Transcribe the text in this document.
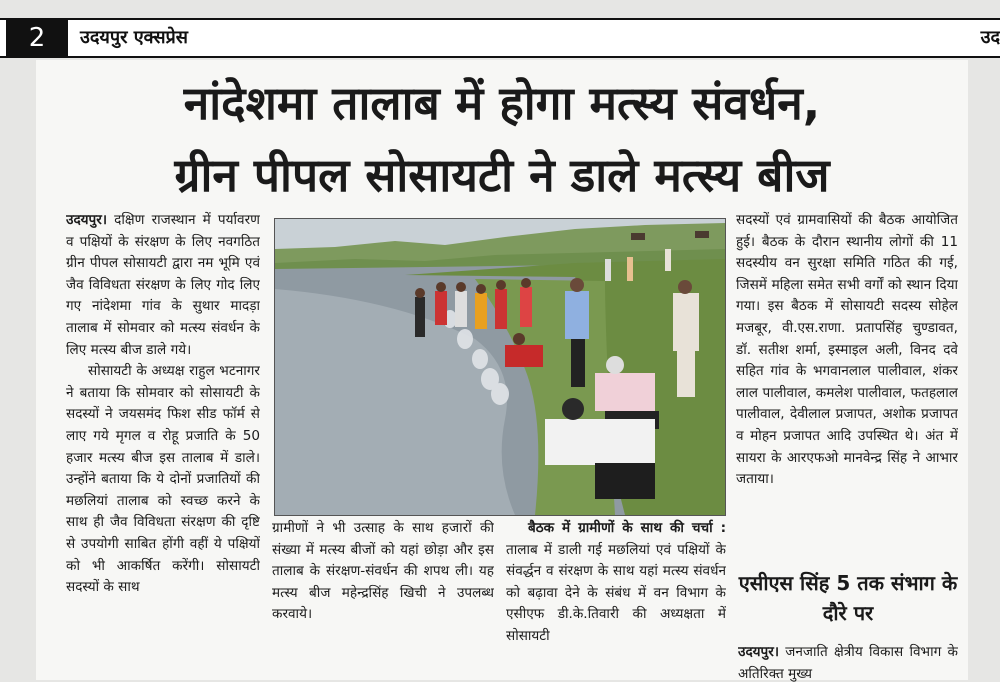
2	उदयपुर एक्सप्रेस	उद
नांदेशमा तालाब में होगा मत्स्य संवर्धन,
ग्रीन पीपल सोसायटी ने डाले मत्स्य बीज

उदयपुर। दक्षिण राजस्थान में पर्यावरण व पक्षियों के संरक्षण के लिए नवगठित ग्रीन पीपल सोसायटी द्वारा नम भूमि एवं जैव विविधता संरक्षण के लिए गोद लिए गए नांदेशमा गांव के सुथार मादड़ा तालाब में सोमवार को मत्स्य संवर्धन के लिए मत्स्य बीज डाले गये।

सोसायटी के अध्यक्ष राहुल भटनागर ने बताया कि सोमवार को सोसायटी के सदस्यों ने जयसमंद फिश सीड फॉर्म से लाए गये मृगल व रोहू प्रजाति के 50 हजार मत्स्य बीज इस तालाब में डाले। उन्होंने बताया कि ये दोनों प्रजातियों की मछलियां तालाब को स्वच्छ करने के साथ ही जैव विविधता संरक्षण की दृष्टि से उपयोगी साबित होंगी वहीं ये पक्षियों को भी आकर्षित करेंगी। सोसायटी सदस्यों के साथ

ग्रामीणों ने भी उत्साह के साथ हजारों की संख्या में मत्स्य बीजों को यहां छोड़ा और इस तालाब के संरक्षण-संवर्धन की शपथ ली। यह मत्स्य बीज महेन्द्रसिंह खिची ने उपलब्ध करवाये।

बैठक में ग्रामीणों के साथ की चर्चा : तालाब में डाली गई मछलियां एवं पक्षियों के संवर्द्धन व संरक्षण के साथ यहां मत्स्य संवर्धन को बढ़ावा देने के संबंध में वन विभाग के एसीएफ डी.के.तिवारी की अध्यक्षता में सोसायटी

सदस्यों एवं ग्रामवासियों की बैठक आयोजित हुई। बैठक के दौरान स्थानीय लोगों की 11 सदस्यीय वन सुरक्षा समिति गठित की गई, जिसमें महिला समेत सभी वर्गों को स्थान दिया गया। इस बैठक में सोसायटी सदस्य सोहेल मजबूर, वी.एस.राणा. प्रतापसिंह चुण्डावत, डॉ. सतीश शर्मा, इस्माइल अली, विनद दवे सहित गांव के भगवानलाल पालीवाल, शंकर लाल पालीवाल, कमलेश पालीवाल, फतहलाल पालीवाल, देवीलाल प्रजापत, अशोक प्रजापत व मोहन प्रजापत आदि उपस्थित थे। अंत में सायरा के आरएफओ मानवेन्द्र सिंह ने आभार जताया।

एसीएस सिंह 5 तक संभाग के दौरे पर
उदयपुर। जनजाति क्षेत्रीय विकास विभाग के अतिरिक्त मुख्य
